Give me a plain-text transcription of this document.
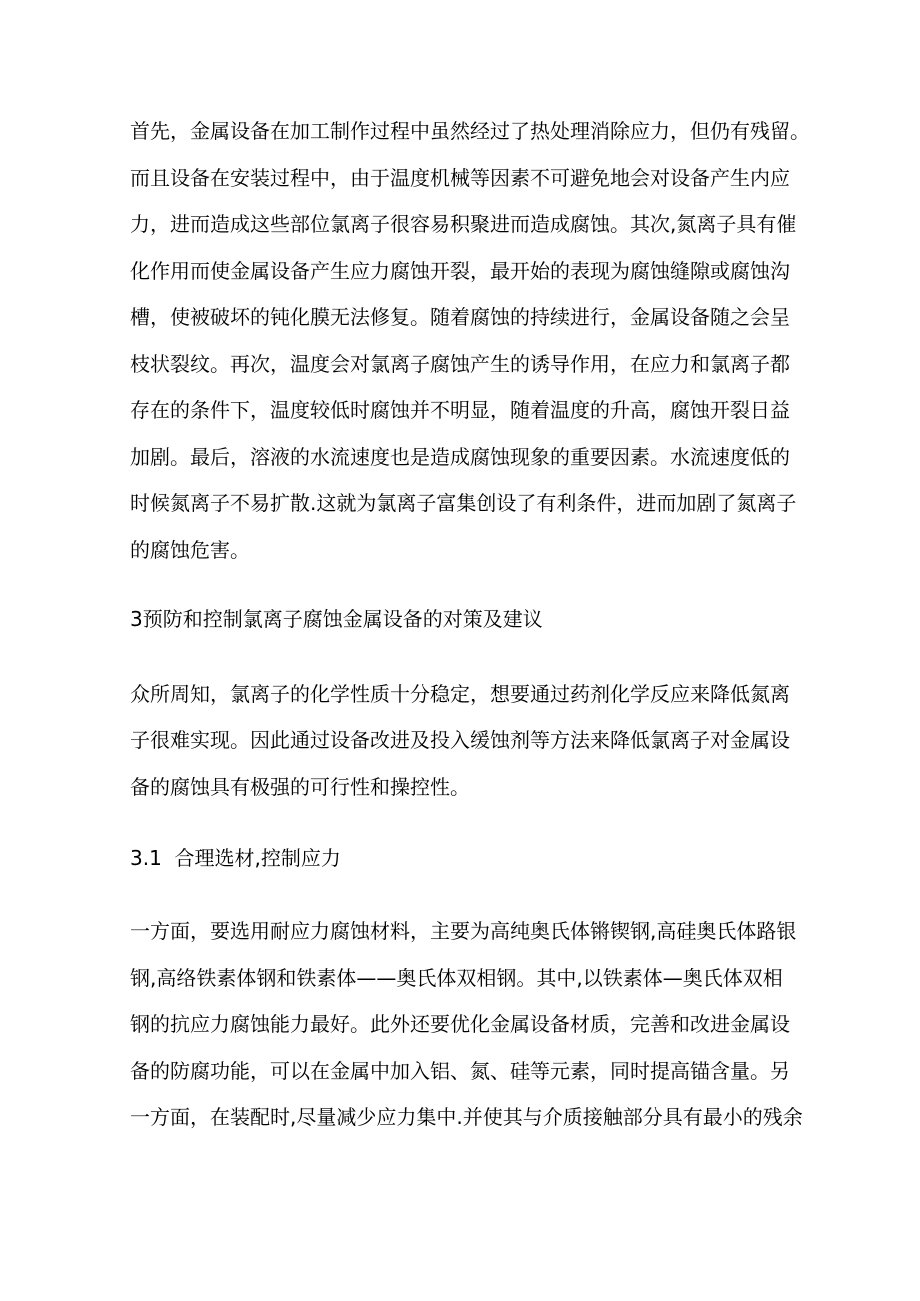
首先，金属设备在加工制作过程中虽然经过了热处理消除应力，但仍有残留。
而且设备在安装过程中，由于温度机械等因素不可避免地会对设备产生内应
力，进而造成这些部位氯离子很容易积聚进而造成腐蚀。其次,氮离子具有催
化作用而使金属设备产生应力腐蚀开裂，最开始的表现为腐蚀缝隙或腐蚀沟
槽，使被破坏的钝化膜无法修复。随着腐蚀的持续进行，金属设备随之会呈
枝状裂纹。再次，温度会对氯离子腐蚀产生的诱导作用，在应力和氯离子都
存在的条件下，温度较低时腐蚀并不明显，随着温度的升高，腐蚀开裂日益
加剧。最后，溶液的水流速度也是造成腐蚀现象的重要因素。水流速度低的
时候氮离子不易扩散.这就为氯离子富集创设了有利条件，进而加剧了氮离子
的腐蚀危害。
3预防和控制氯离子腐蚀金属设备的对策及建议
众所周知，氯离子的化学性质十分稳定，想要通过药剂化学反应来降低氮离
子很难实现。因此通过设备改进及投入缓蚀剂等方法来降低氯离子对金属设
备的腐蚀具有极强的可行性和操控性。
3.1  合理选材,控制应力
一方面，要选用耐应力腐蚀材料，主要为高纯奥氏体锵锲钢,高硅奥氏体路银
钢,高络铁素体钢和铁素体——奥氏体双相钢。其中,以铁素体—奥氏体双相
钢的抗应力腐蚀能力最好。此外还要优化金属设备材质，完善和改进金属设
备的防腐功能，可以在金属中加入铝、氮、硅等元素，同时提高锚含量。另
一方面，在装配时,尽量减少应力集中.并使其与介质接触部分具有最小的残余
